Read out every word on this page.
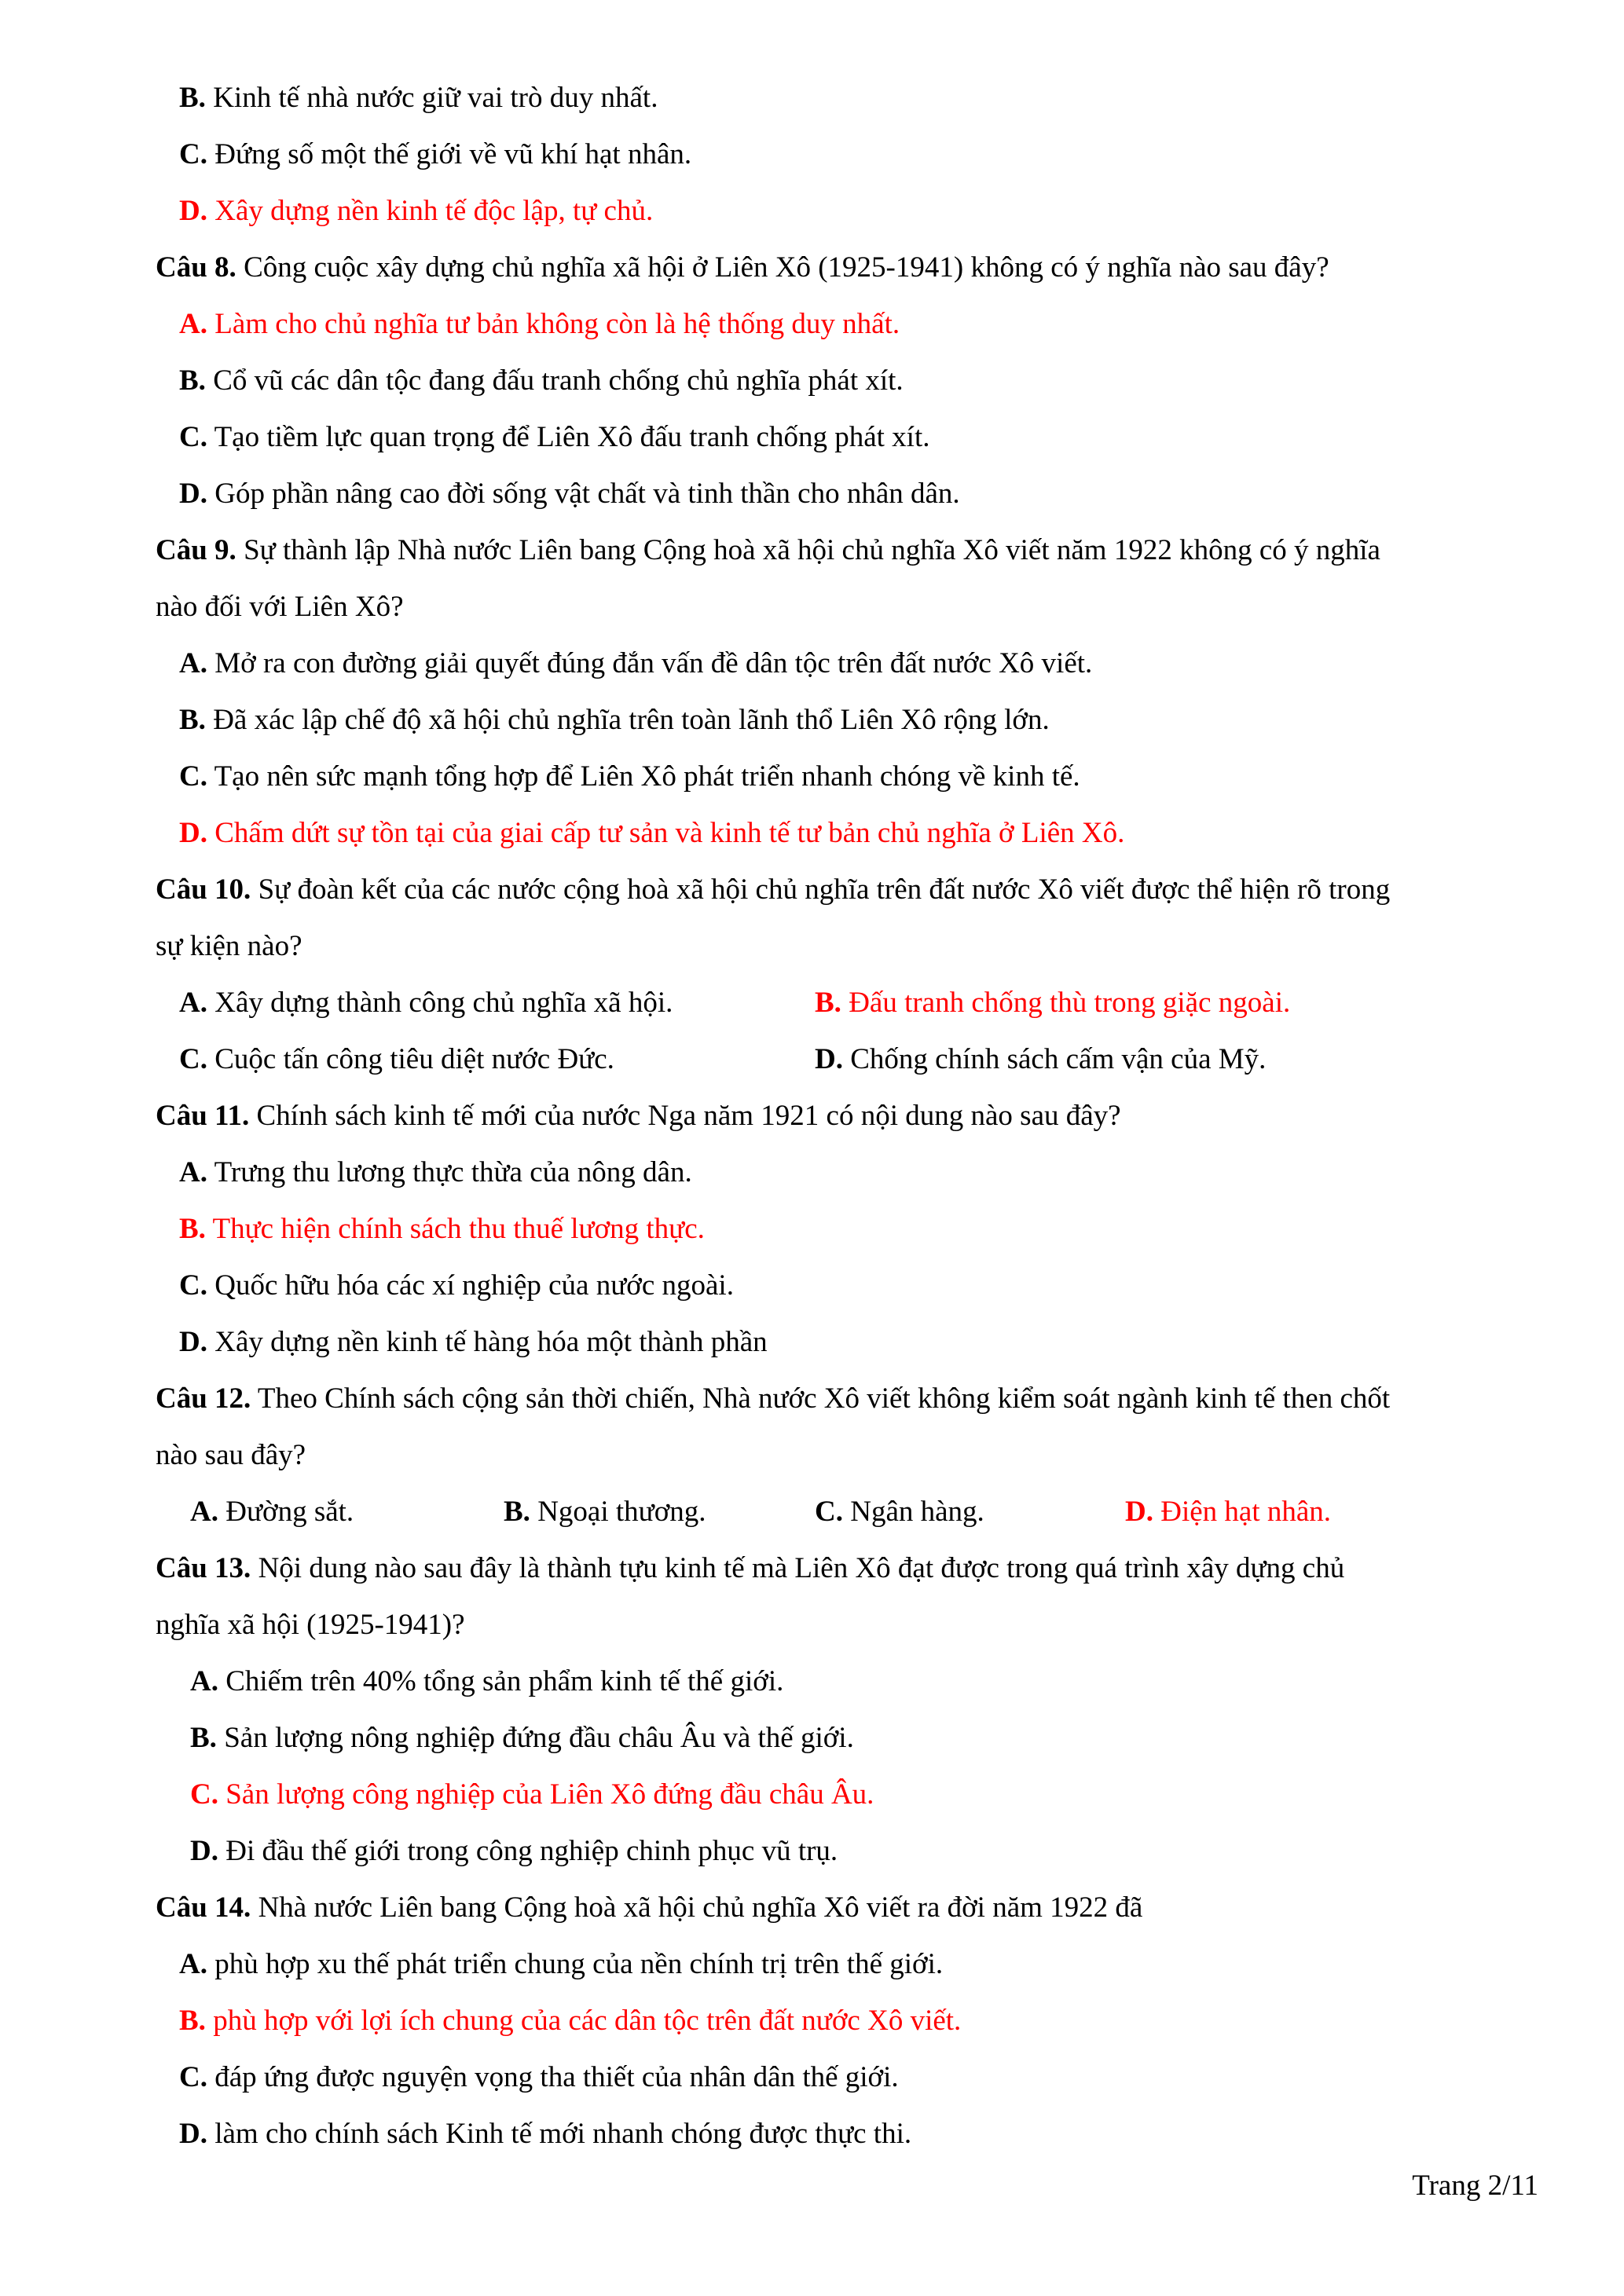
B. Kinh tế nhà nước giữ vai trò duy nhất.
C. Đứng số một thế giới về vũ khí hạt nhân.
D. Xây dựng nền kinh tế độc lập, tự chủ.
Câu 8. Công cuộc xây dựng chủ nghĩa xã hội ở Liên Xô (1925-1941) không có ý nghĩa nào sau đây?
A. Làm cho chủ nghĩa tư bản không còn là hệ thống duy nhất.
B. Cổ vũ các dân tộc đang đấu tranh chống chủ nghĩa phát xít.
C. Tạo tiềm lực quan trọng để Liên Xô đấu tranh chống phát xít.
D. Góp phần nâng cao đời sống vật chất và tinh thần cho nhân dân.
Câu 9. Sự thành lập Nhà nước Liên bang Cộng hoà xã hội chủ nghĩa Xô viết năm 1922 không có ý nghĩa
nào đối với Liên Xô?
A. Mở ra con đường giải quyết đúng đắn vấn đề dân tộc trên đất nước Xô viết.
B. Đã xác lập chế độ xã hội chủ nghĩa trên toàn lãnh thổ Liên Xô rộng lớn.
C. Tạo nên sức mạnh tổng hợp để Liên Xô phát triển nhanh chóng về kinh tế.
D. Chấm dứt sự tồn tại của giai cấp tư sản và kinh tế tư bản chủ nghĩa ở Liên Xô.
Câu 10. Sự đoàn kết của các nước cộng hoà xã hội chủ nghĩa trên đất nước Xô viết được thể hiện rõ trong
sự kiện nào?
A. Xây dựng thành công chủ nghĩa xã hội.	B. Đấu tranh chống thù trong giặc ngoài.
C. Cuộc tấn công tiêu diệt nước Đức.	D. Chống chính sách cấm vận của Mỹ.
Câu 11. Chính sách kinh tế mới của nước Nga năm 1921 có nội dung nào sau đây?
A. Trưng thu lương thực thừa của nông dân.
B. Thực hiện chính sách thu thuế lương thực.
C. Quốc hữu hóa các xí nghiệp của nước ngoài.
D. Xây dựng nền kinh tế hàng hóa một thành phần
Câu 12. Theo Chính sách cộng sản thời chiến, Nhà nước Xô viết không kiểm soát ngành kinh tế then chốt
nào sau đây?
A. Đường sắt.	B. Ngoại thương.	C. Ngân hàng.	D. Điện hạt nhân.
Câu 13. Nội dung nào sau đây là thành tựu kinh tế mà Liên Xô đạt được trong quá trình xây dựng chủ
nghĩa xã hội (1925-1941)?
A. Chiếm trên 40% tổng sản phẩm kinh tế thế giới.
B. Sản lượng nông nghiệp đứng đầu châu Âu và thế giới.
C. Sản lượng công nghiệp của Liên Xô đứng đầu châu Âu.
D. Đi đầu thế giới trong công nghiệp chinh phục vũ trụ.
Câu 14. Nhà nước Liên bang Cộng hoà xã hội chủ nghĩa Xô viết ra đời năm 1922 đã
A. phù hợp xu thế phát triển chung của nền chính trị trên thế giới.
B. phù hợp với lợi ích chung của các dân tộc trên đất nước Xô viết.
C. đáp ứng được nguyện vọng tha thiết của nhân dân thế giới.
D. làm cho chính sách Kinh tế mới nhanh chóng được thực thi.
Trang 2/11
